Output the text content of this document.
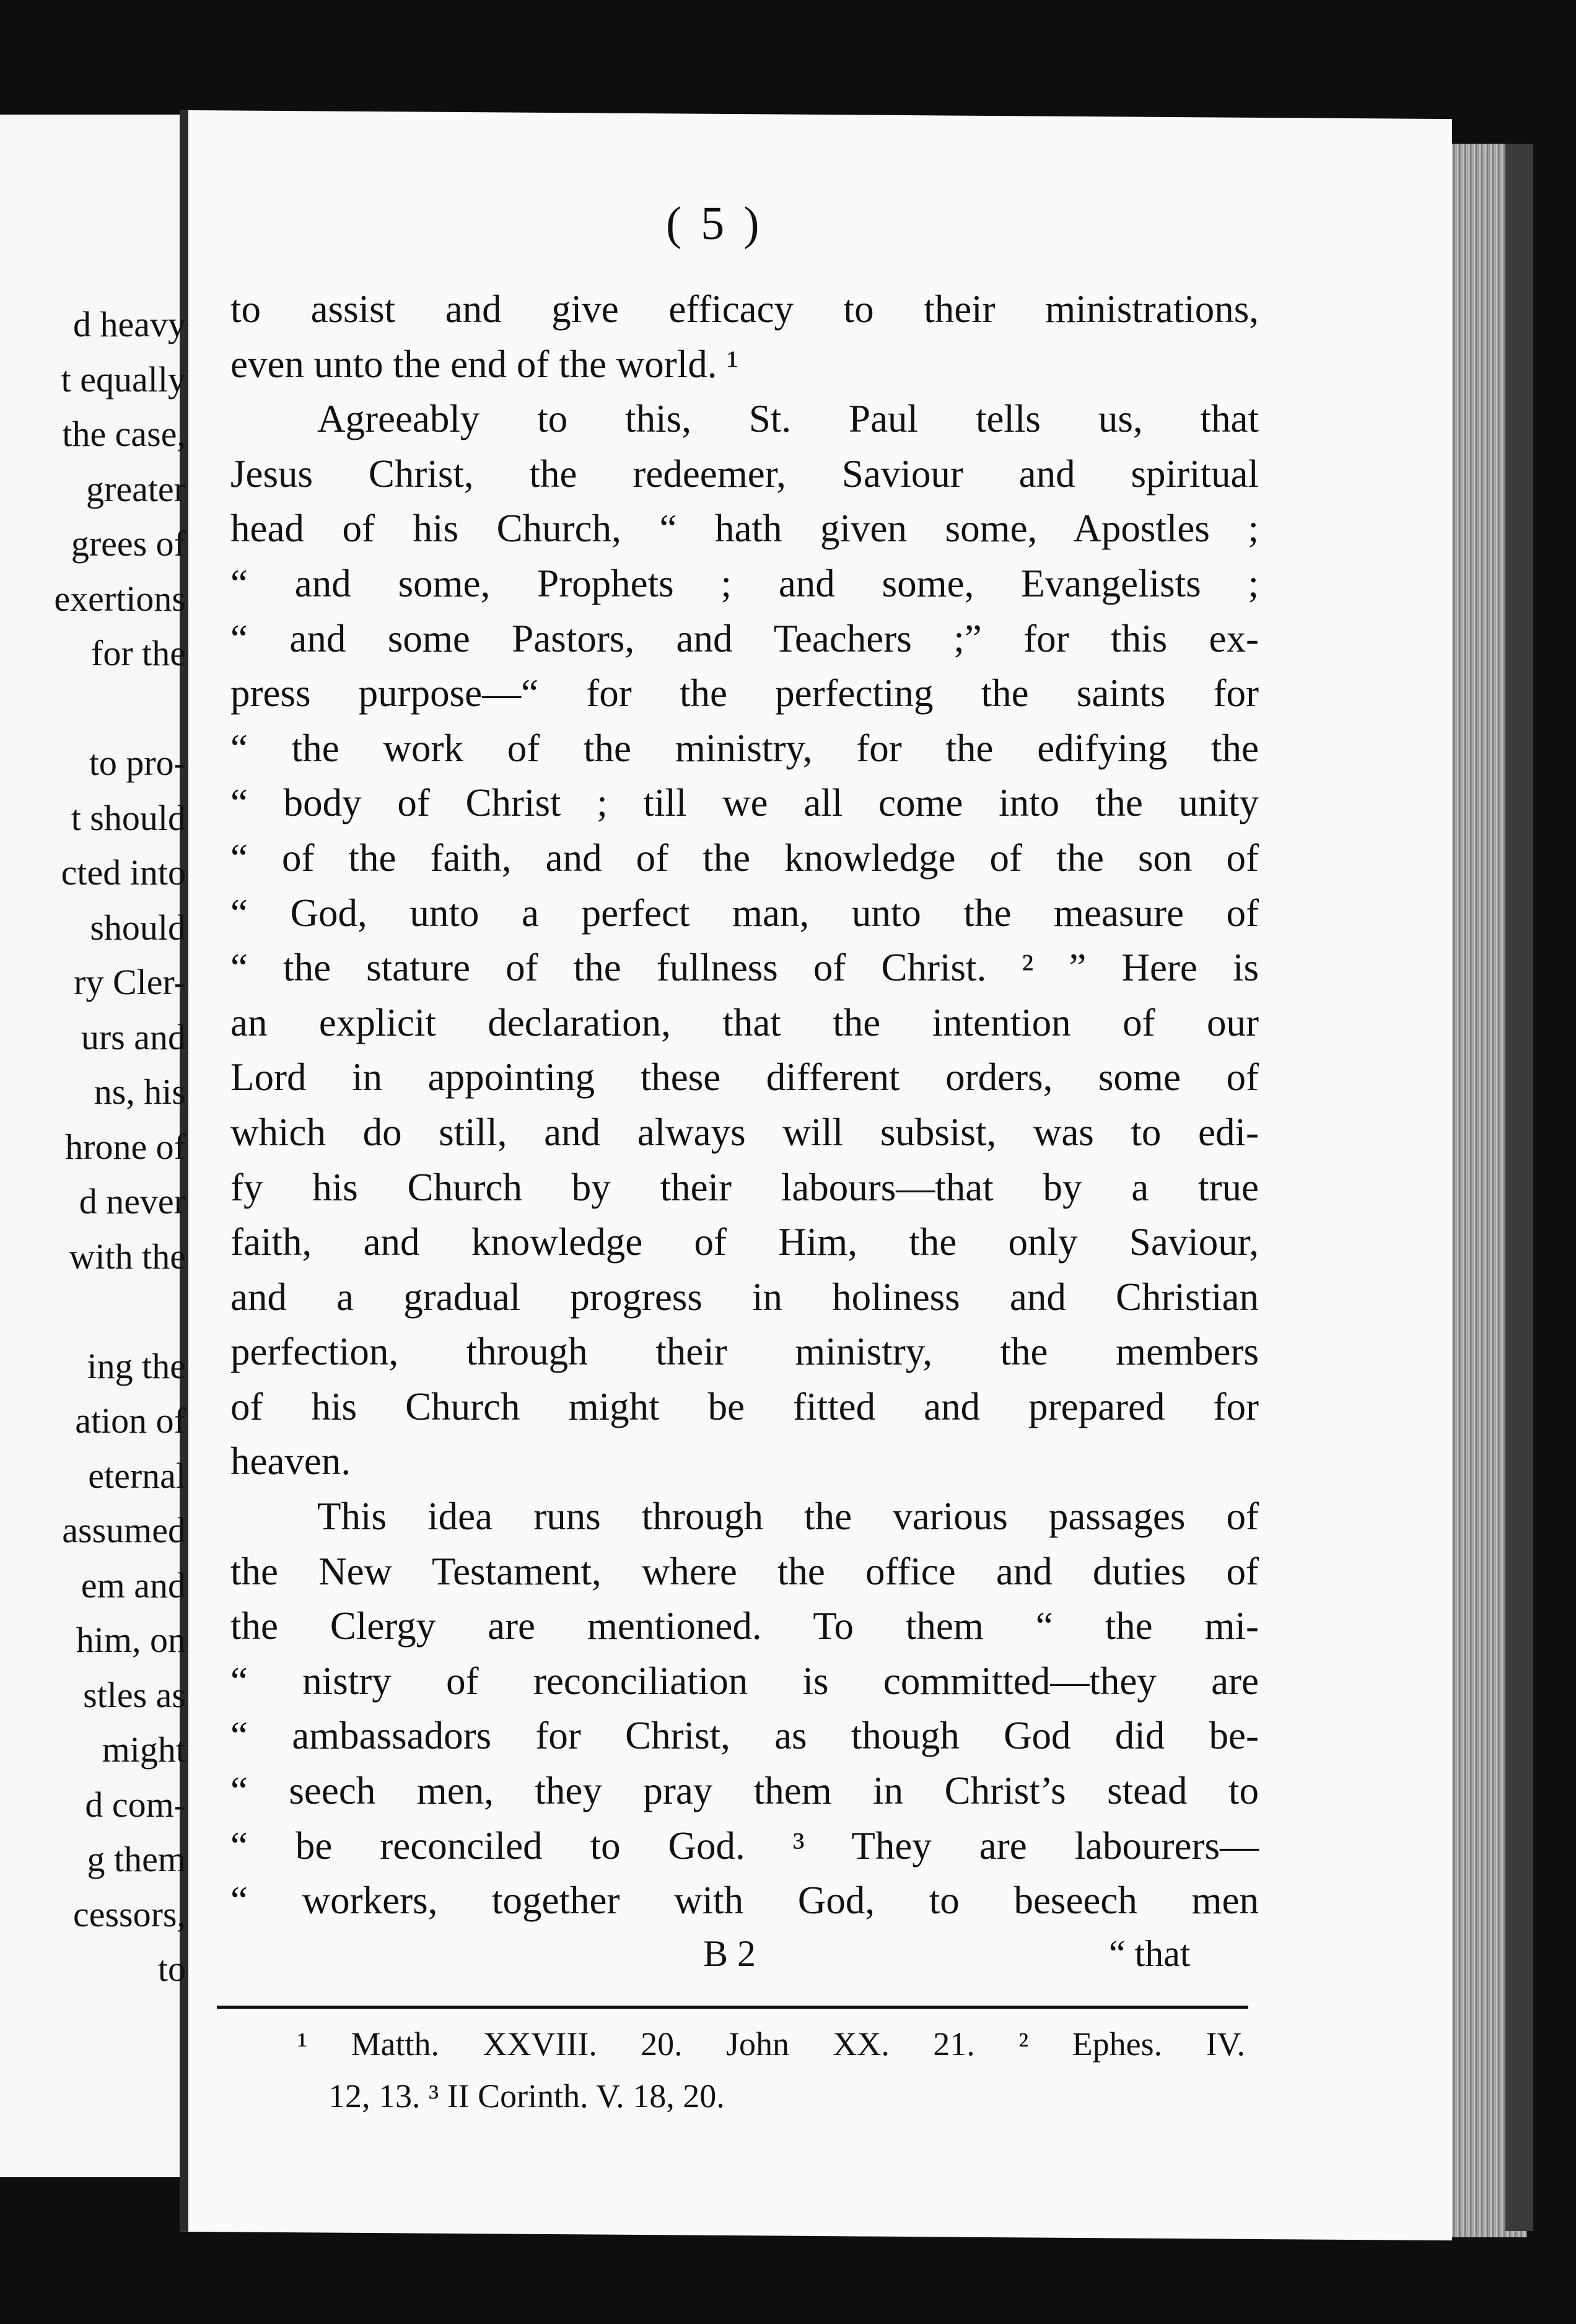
d heavy
t equally
the case,
greater
grees of
exertions
for the
to pro-
t should
cted into
should
ry Cler-
urs and
ns, his
hrone of
d never
with the
ing the
ation of
eternal
assumed
em and
him, on
stles as
might
d com-
g them
cessors,
to
( 5 )
to assist and give efficacy to their ministrations,
even unto the end of the world. ¹
Agreeably to this, St. Paul tells us, that
Jesus Christ, the redeemer, Saviour and spiritual
head of his Church, “ hath given some, Apostles ;
“ and some, Prophets ; and some, Evangelists ;
“ and some Pastors, and Teachers ;” for this ex-
press purpose—“ for the perfecting the saints for
“ the work of the ministry, for the edifying the
“ body of Christ ; till we all come into the unity
“ of the faith, and of the knowledge of the son of
“ God, unto a perfect man, unto the measure of
“ the stature of the fullness of Christ. ² ” Here is
an explicit declaration, that the intention of our
Lord in appointing these different orders, some of
which do still, and always will subsist, was to edi-
fy his Church by their labours—that by a true
faith, and knowledge of Him, the only Saviour,
and a gradual progress in holiness and Christian
perfection, through their ministry, the members
of his Church might be fitted and prepared for
heaven.
This idea runs through the various passages of
the New Testament, where the office and duties of
the Clergy are mentioned. To them “ the mi-
“ nistry of reconciliation is committed—they are
“ ambassadors for Christ, as though God did be-
“ seech men, they pray them in Christ’s stead to
“ be reconciled to God. ³ They are labourers—
“ workers, together with God, to beseech men
B 2	“ that
¹ Matth. XXVIII. 20. John XX. 21. ² Ephes. IV.
12, 13. ³ II Corinth. V. 18, 20.
